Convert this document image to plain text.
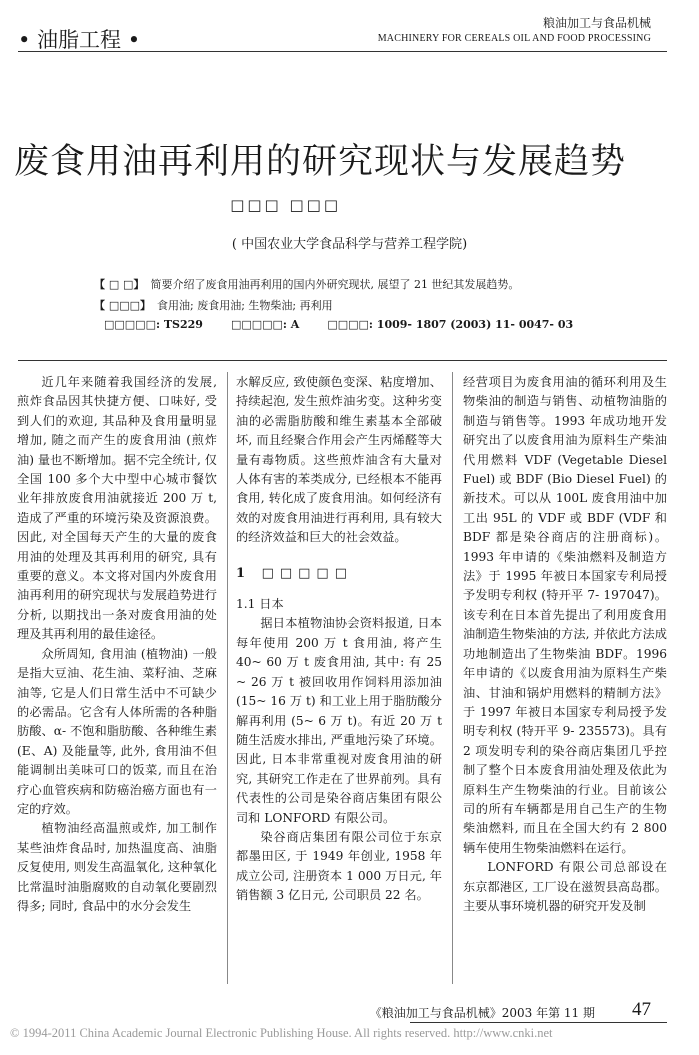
• 油脂工程 •
粮油加工与食品机械
MACHINERY FOR CEREALS OIL AND FOOD PROCESSING
废食用油再利用的研究现状与发展趋势
□□□ □□□
( 中国农业大学食品科学与营养工程学院)
【 □ □】 简要介绍了废食用油再利用的国内外研究现状, 展望了 21 世纪其发展趋势。
【 □□□】 食用油; 废食用油; 生物柴油; 再利用
□□□□□: TS229	□□□□□: A	□□□□: 1009- 1807 (2003) 11- 0047- 03

近几年来随着我国经济的发展, 煎炸食品因其快捷方便、口味好, 受到人们的欢迎, 其品种及食用量明显增加, 随之而产生的废食用油 (煎炸油) 量也不断增加。据不完全统计, 仅全国 100 多个大中型中心城市餐饮业年排放废食用油就接近 200 万 t, 造成了严重的环境污染及资源浪费。因此, 对全国每天产生的大量的废食用油的处理及其再利用的研究, 具有重要的意义。本文将对国内外废食用油再利用的研究现状与发展趋势进行分析, 以期找出一条对废食用油的处理及其再利用的最佳途径。

众所周知, 食用油 (植物油) 一般是指大豆油、花生油、菜籽油、芝麻油等, 它是人们日常生活中不可缺少的必需品。它含有人体所需的各种脂肪酸、α- 不饱和脂肪酸、各种维生素 (E、A) 及能量等, 此外, 食用油不但能调制出美味可口的饭菜, 而且在治疗心血管疾病和防癌治癌方面也有一定的疗效。

植物油经高温煎或炸, 加工制作某些油炸食品时, 加热温度高、油脂反复使用, 则发生高温氧化, 这种氧化比常温时油脂腐败的自动氧化要剧烈得多; 同时, 食品中的水分会发生

水解反应, 致使颜色变深、粘度增加、持续起泡, 发生煎炸油劣变。这种劣变油的必需脂肪酸和维生素基本全部破坏, 而且经聚合作用会产生丙烯醛等大量有毒物质。这些煎炸油含有大量对人体有害的苯类成分, 已经根本不能再食用, 转化成了废食用油。如何经济有效的对废食用油进行再利用, 具有较大的经济效益和巨大的社会效益。

1 □□□□□
1.1 日本

据日本植物油协会资料报道, 日本每年使用 200 万 t 食用油, 将产生 40~ 60 万 t 废食用油, 其中: 有 25 ~ 26 万 t 被回收用作饲料用添加油 (15~ 16 万 t) 和工业上用于脂肪酸分解再利用 (5~ 6 万 t)。有近 20 万 t 随生活废水排出, 严重地污染了环境。因此, 日本非常重视对废食用油的研究, 其研究工作走在了世界前列。具有代表性的公司是染谷商店集团有限公司和 LONFORD 有限公司。

染谷商店集团有限公司位于东京都墨田区, 于 1949 年创业, 1958 年成立公司, 注册资本 1 000 万日元, 年销售额 3 亿日元, 公司职员 22 名。

经营项目为废食用油的循环利用及生物柴油的制造与销售、动植物油脂的制造与销售等。1993 年成功地开发研究出了以废食用油为原料生产柴油代用燃料 VDF (Vegetable Diesel Fuel) 或 BDF (Bio Diesel Fuel) 的新技术。可以从 100L 废食用油中加工出 95L 的 VDF 或 BDF (VDF 和 BDF 都是染谷商店的注册商标)。1993 年申请的《柴油燃料及制造方法》于 1995 年被日本国家专利局授予发明专利权 (特开平 7- 197047)。该专利在日本首先提出了利用废食用油制造生物柴油的方法, 并依此方法成功地制造出了生物柴油 BDF。1996 年申请的《以废食用油为原料生产柴油、甘油和锅炉用燃料的精制方法》于 1997 年被日本国家专利局授予发明专利权 (特开平 9- 235573)。具有 2 项发明专利的染谷商店集团几乎控制了整个日本废食用油处理及依此为原料生产生物柴油的行业。目前该公司的所有车辆都是用自己生产的生物柴油燃料, 而且在全国大约有 2 800 辆车使用生物柴油燃料在运行。

LONFORD 有限公司总部设在东京都港区, 工厂设在滋贺县高岛郡。主要从事环境机器的研究开发及制

《粮油加工与食品机械》2003 年第 11 期 47
© 1994-2011 China Academic Journal Electronic Publishing House. All rights reserved. http://www.cnki.net
